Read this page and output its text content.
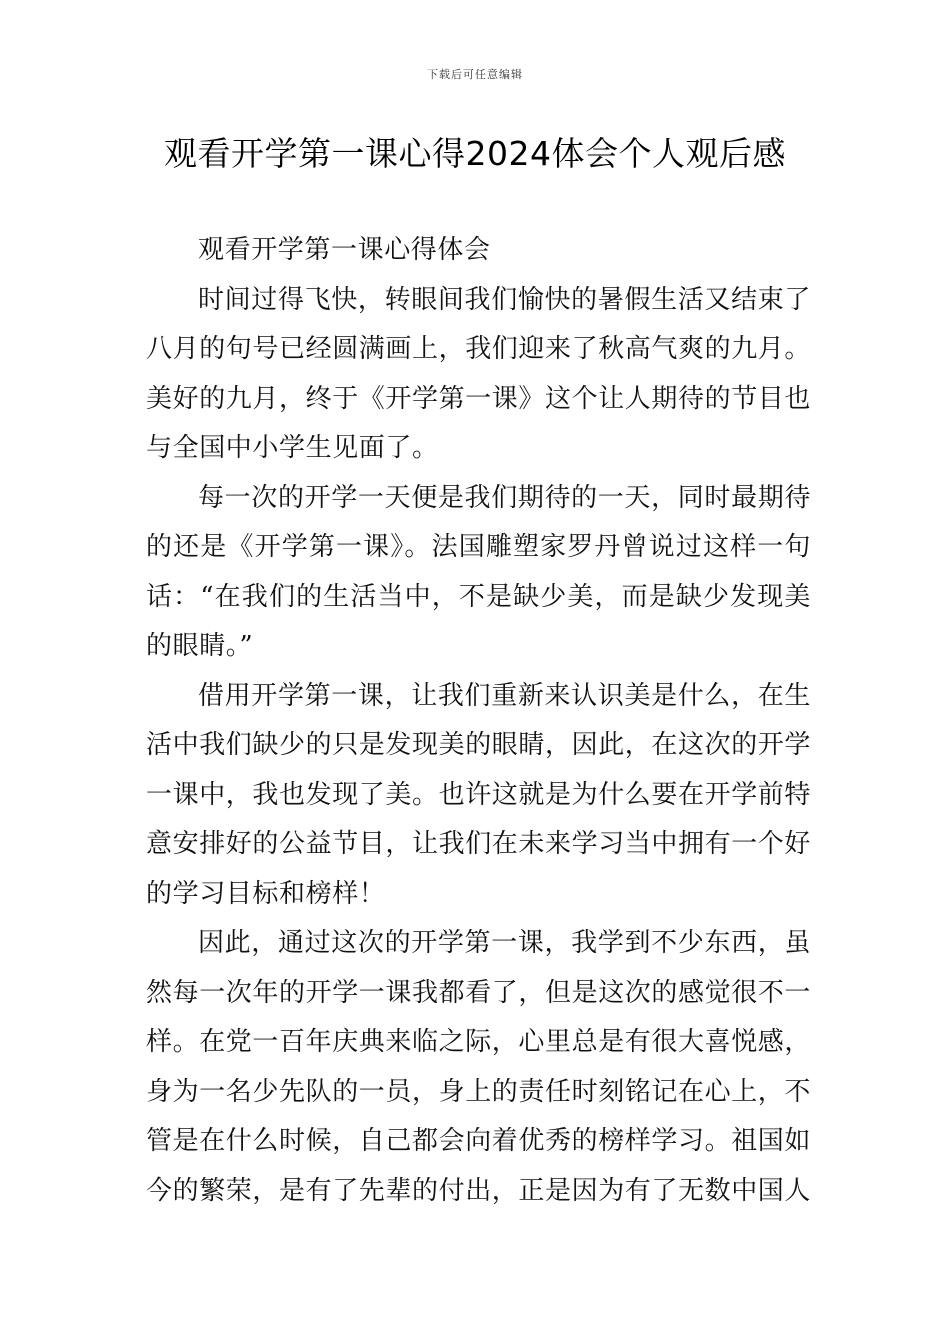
下载后可任意编辑
观看开学第一课心得2024体会个人观后感

观看开学第一课心得体会

时间过得飞快，转眼间我们愉快的暑假生活又结束了八月的句号已经圆满画上，我们迎来了秋高气爽的九月。美好的九月，终于《开学第一课》这个让人期待的节目也与全国中小学生见面了。

每一次的开学一天便是我们期待的一天，同时最期待的还是《开学第一课》。法国雕塑家罗丹曾说过这样一句话：“在我们的生活当中，不是缺少美，而是缺少发现美的眼睛。”

借用开学第一课，让我们重新来认识美是什么，在生活中我们缺少的只是发现美的眼睛，因此，在这次的开学一课中，我也发现了美。也许这就是为什么要在开学前特意安排好的公益节目，让我们在未来学习当中拥有一个好的学习目标和榜样！

因此，通过这次的开学第一课，我学到不少东西，虽然每一次年的开学一课我都看了，但是这次的感觉很不一样。在党一百年庆典来临之际，心里总是有很大喜悦感，身为一名少先队的一员，身上的责任时刻铭记在心上，不管是在什么时候，自己都会向着优秀的榜样学习。祖国如今的繁荣，是有了先辈的付出，正是因为有了无数中国人
